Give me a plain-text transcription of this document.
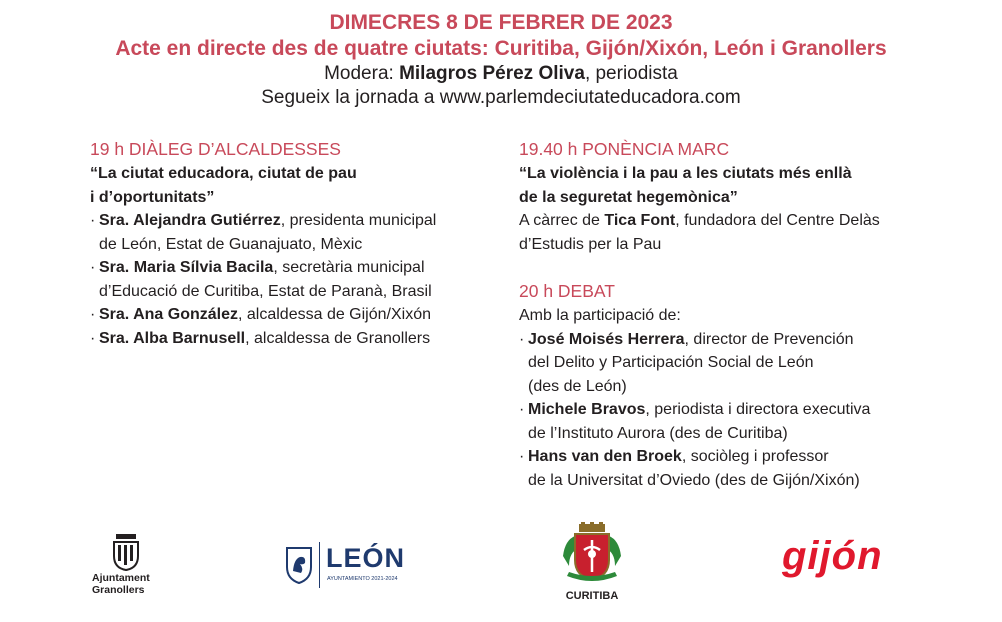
DIMECRES 8 DE FEBRER DE 2023
Acte en directe des de quatre ciutats: Curitiba, Gijón/Xixón, León i Granollers
Modera: Milagros Pérez Oliva, periodista
Segueix la jornada a www.parlemdeciutateducadora.com
19 h DIÀLEG D’ALCALDESSES
“La ciutat educadora, ciutat de pau
i d’oportunitats”
· Sra. Alejandra Gutiérrez, presidenta municipal
de León, Estat de Guanajuato, Mèxic
· Sra. Maria Sílvia Bacila, secretària municipal
d’Educació de Curitiba, Estat de Paranà, Brasil
· Sra. Ana González, alcaldessa de Gijón/Xixón
· Sra. Alba Barnusell, alcaldessa de Granollers
19.40 h PONÈNCIA MARC
“La violència i la pau a les ciutats més enllà
de la seguretat hegemònica”
A càrrec de Tica Font, fundadora del Centre Delàs
d’Estudis per la Pau
20 h DEBAT
Amb la participació de:
· José Moisés Herrera, director de Prevención
del Delito y Participación Social de León
(des de León)
· Michele Bravos, periodista i directora executiva
de l’Instituto Aurora (des de Curitiba)
· Hans van den Broek, sociòleg i professor
de la Universitat d’Oviedo (des de Gijón/Xixón)
Ajuntament
Granollers
LEÓN
AYUNTAMIENTO 2021-2024
CURITIBA
gijón
